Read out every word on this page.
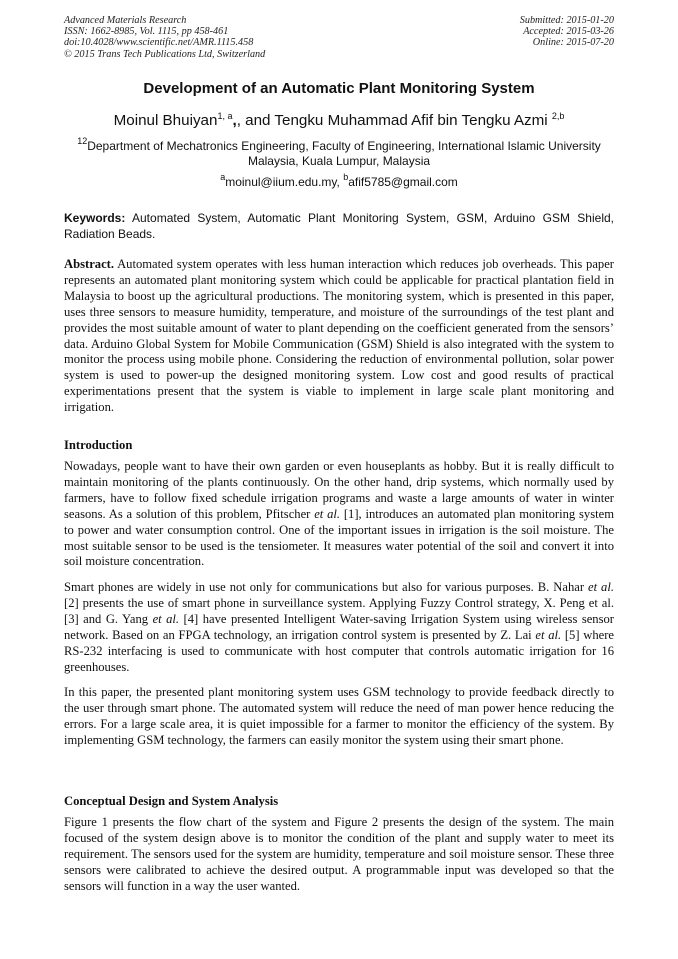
Advanced Materials Research
ISSN: 1662-8985, Vol. 1115, pp 458-461
doi:10.4028/www.scientific.net/AMR.1115.458
© 2015 Trans Tech Publications Ltd, Switzerland
Submitted: 2015-01-20
Accepted: 2015-03-26
Online: 2015-07-20
Development of an Automatic Plant Monitoring System
Moinul Bhuiyan$^{1, a}$,, and Tengku Muhammad Afif bin Tengku Azmi $^{2,b}$
$^{12}$Department of Mechatronics Engineering, Faculty of Engineering, International Islamic University
Malaysia, Kuala Lumpur, Malaysia
$^a$moinul@iium.edu.my, $^b$afif5785@gmail.com
Keywords: Automated System, Automatic Plant Monitoring System, GSM, Arduino GSM Shield, Radiation Beads.

Abstract. Automated system operates with less human interaction which reduces job overheads. This paper represents an automated plant monitoring system which could be applicable for practical plantation field in Malaysia to boost up the agricultural productions. The monitoring system, which is presented in this paper, uses three sensors to measure humidity, temperature, and moisture of the surroundings of the test plant and provides the most suitable amount of water to plant depending on the coefficient generated from the sensors’ data. Arduino Global System for Mobile Communication (GSM) Shield is also integrated with the system to monitor the process using mobile phone. Considering the reduction of environmental pollution, solar power system is used to power-up the designed monitoring system. Low cost and good results of practical experimentations present that the system is viable to implement in large scale plant monitoring and irrigation.

Introduction

Nowadays, people want to have their own garden or even houseplants as hobby. But it is really difficult to maintain monitoring of the plants continuously. On the other hand, drip systems, which normally used by farmers, have to follow fixed schedule irrigation programs and waste a large amounts of water in winter seasons. As a solution of this problem, Pfitscher et al. [1], introduces an automated plan monitoring system to power and water consumption control. One of the important issues in irrigation is the soil moisture. The most suitable sensor to be used is the tensiometer. It measures water potential of the soil and convert it into soil moisture concentration.

Smart phones are widely in use not only for communications but also for various purposes. B. Nahar et al. [2] presents the use of smart phone in surveillance system. Applying Fuzzy Control strategy, X. Peng et al. [3] and G. Yang et al. [4] have presented Intelligent Water-saving Irrigation System using wireless sensor network. Based on an FPGA technology, an irrigation control system is presented by Z. Lai et al. [5] where RS-232 interfacing is used to communicate with host computer that controls automatic irrigation for 16 greenhouses.

In this paper, the presented plant monitoring system uses GSM technology to provide feedback directly to the user through smart phone. The automated system will reduce the need of man power hence reducing the errors. For a large scale area, it is quiet impossible for a farmer to monitor the efficiency of the system. By implementing GSM technology, the farmers can easily monitor the system using their smart phone.

Conceptual Design and System Analysis

Figure 1 presents the flow chart of the system and Figure 2 presents the design of the system. The main focused of the system design above is to monitor the condition of the plant and supply water to meet its requirement. The sensors used for the system are humidity, temperature and soil moisture sensor. These three sensors were calibrated to achieve the desired output. A programmable input was developed so that the sensors will function in a way the user wanted.
